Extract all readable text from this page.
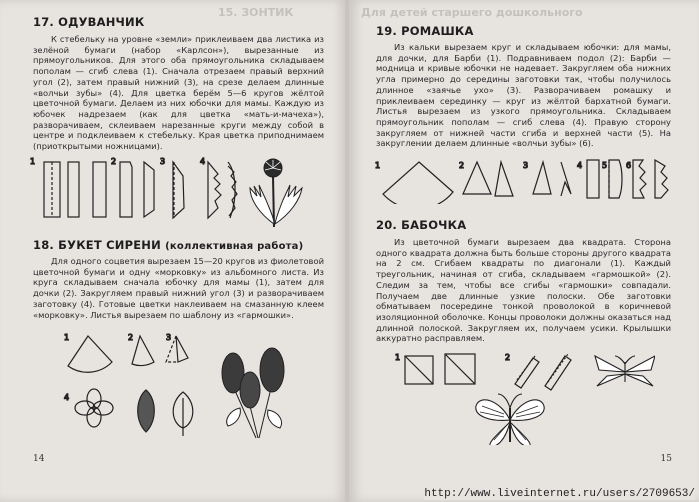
15. ЗОНТИК
17. ОДУВАНЧИК

К стебельку на уровне «земли» приклеиваем два листика из зелёной бумаги (набор «Карлсон»), вырезанные из прямоугольников. Для этого оба прямоугольника складываем пополам — сгиб слева (1). Сначала отрезаем правый верхний угол (2), затем правый нижний (3), на срезе делаем длинные «волчьи зубы» (4). Для цветка берём 5—6 кругов жёлтой цветочной бумаги. Делаем из них юбочки для мамы. Каждую из юбочек надрезаем (как для цветка «мать-и-мачеха»), разворачиваем, склеиваем нарезанные круги между собой в центре и подклеиваем к стебельку. Края цветка приподнимаем (приоткрытыми ножницами).

1	2	3	4
18. БУКЕТ СИРЕНИ (коллективная работа)

Для одного соцветия вырезаем 15—20 кругов из фиолетовой цветочной бумаги и одну «морковку» из альбомного листа. Из круга складываем сначала юбочку для мамы (1), затем для дочки (2). Закругляем правый нижний угол (3) и разворачиваем заготовку (4). Готовые цветки наклеиваем на смазанную клеем «морковку». Листья вырезаем по шаблону из «гармошки».

1	2	3
4
14
Для детей старшего дошкольного
19. РОМАШКА

Из кальки вырезаем круг и складываем юбочки: для мамы, для дочки, для Барби (1). Подравниваем подол (2): Барби — модница и кривые юбочки не надевает. Закругляем оба нижних угла примерно до середины заготовки так, чтобы получилось длинное «заячье ухо» (3). Разворачиваем ромашку и приклеиваем серединку — круг из жёлтой бархатной бумаги. Листья вырезаем из узкого прямоугольника. Складываем прямоугольник пополам — сгиб слева (4). Правую сторону закругляем от нижней части сгиба и верхней части (5). На закруглении делаем длинные «волчьи зубы» (6).

1	2	3	4 5 6
20. БАБОЧКА

Из цветочной бумаги вырезаем два квадрата. Сторона одного квадрата должна быть больше стороны другого квадрата на 2 см. Сгибаем квадраты по диагонали (1). Каждый треугольник, начиная от сгиба, складываем «гармошкой» (2). Следим за тем, чтобы все сгибы «гармошки» совпадали. Получаем две длинные узкие полоски. Обе заготовки обматываем посередине тонкой проволокой в коричневой изоляционной оболочке. Концы проволоки должны оказаться над длинной полоской. Закругляем их, получаем усики. Крылышки аккуратно расправляем.

1	2
15
http://www.liveinternet.ru/users/2709653/
